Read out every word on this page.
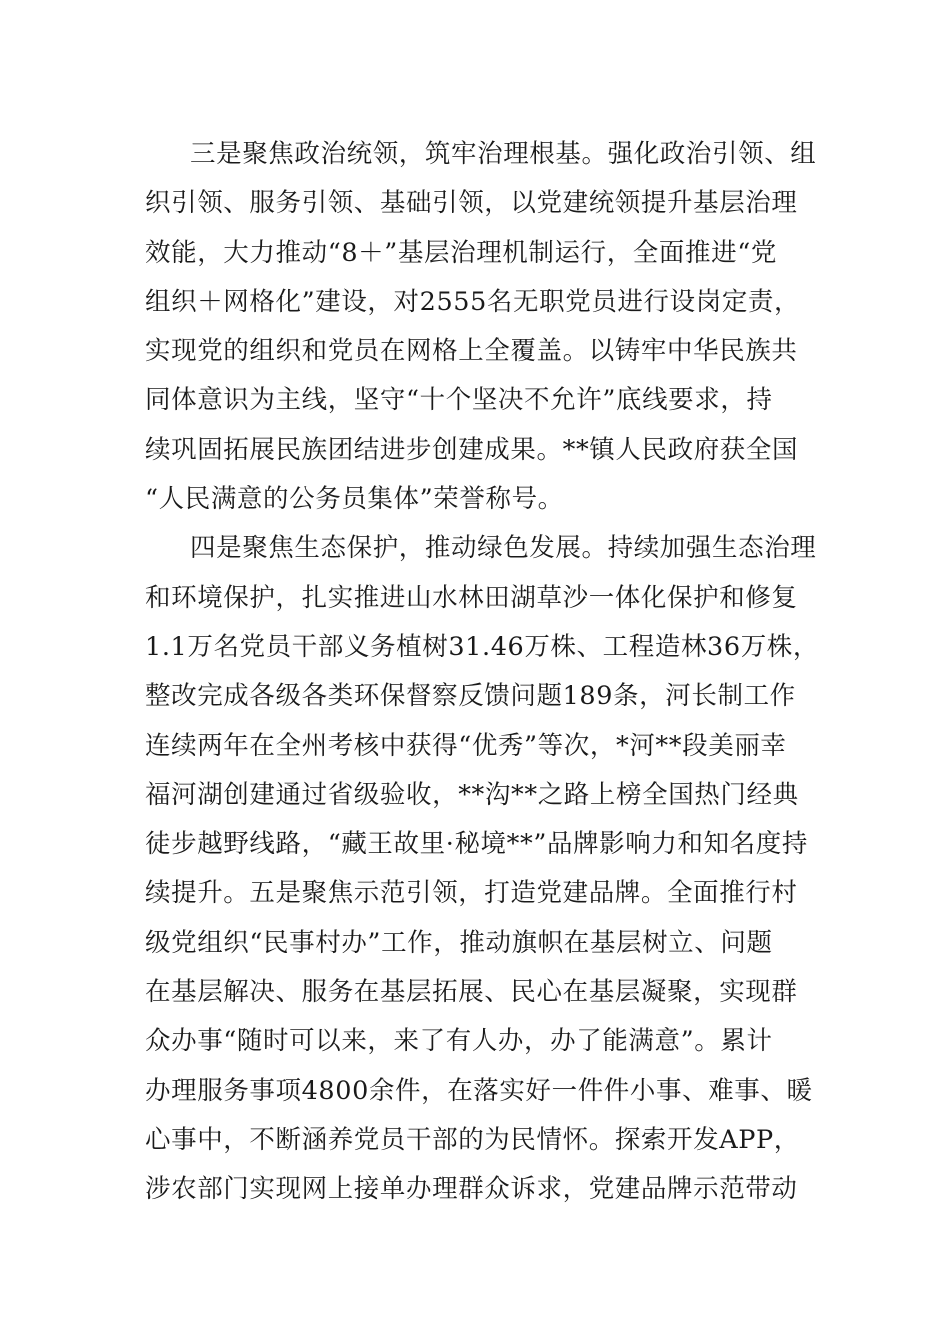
三是聚焦政治统领，筑牢治理根基。强化政治引领、组
织引领、服务引领、基础引领，以党建统领提升基层治理
效能，大力推动“8＋”基层治理机制运行，全面推进“党
组织＋网格化”建设，对2555名无职党员进行设岗定责，
实现党的组织和党员在网格上全覆盖。以铸牢中华民族共
同体意识为主线，坚守“十个坚决不允许”底线要求，持
续巩固拓展民族团结进步创建成果。**镇人民政府获全国
“人民满意的公务员集体”荣誉称号。
四是聚焦生态保护，推动绿色发展。持续加强生态治理
和环境保护，扎实推进山水林田湖草沙一体化保护和修复
1.1万名党员干部义务植树31.46万株、工程造林36万株，
整改完成各级各类环保督察反馈问题189条，河长制工作
连续两年在全州考核中获得“优秀”等次，*河**段美丽幸
福河湖创建通过省级验收，**沟**之路上榜全国热门经典
徒步越野线路，“藏王故里·秘境**”品牌影响力和知名度持
续提升。五是聚焦示范引领，打造党建品牌。全面推行村
级党组织“民事村办”工作，推动旗帜在基层树立、问题
在基层解决、服务在基层拓展、民心在基层凝聚，实现群
众办事“随时可以来，来了有人办，办了能满意”。累计
办理服务事项4800余件，在落实好一件件小事、难事、暖
心事中，不断涵养党员干部的为民情怀。探索开发APP，
涉农部门实现网上接单办理群众诉求，党建品牌示范带动
